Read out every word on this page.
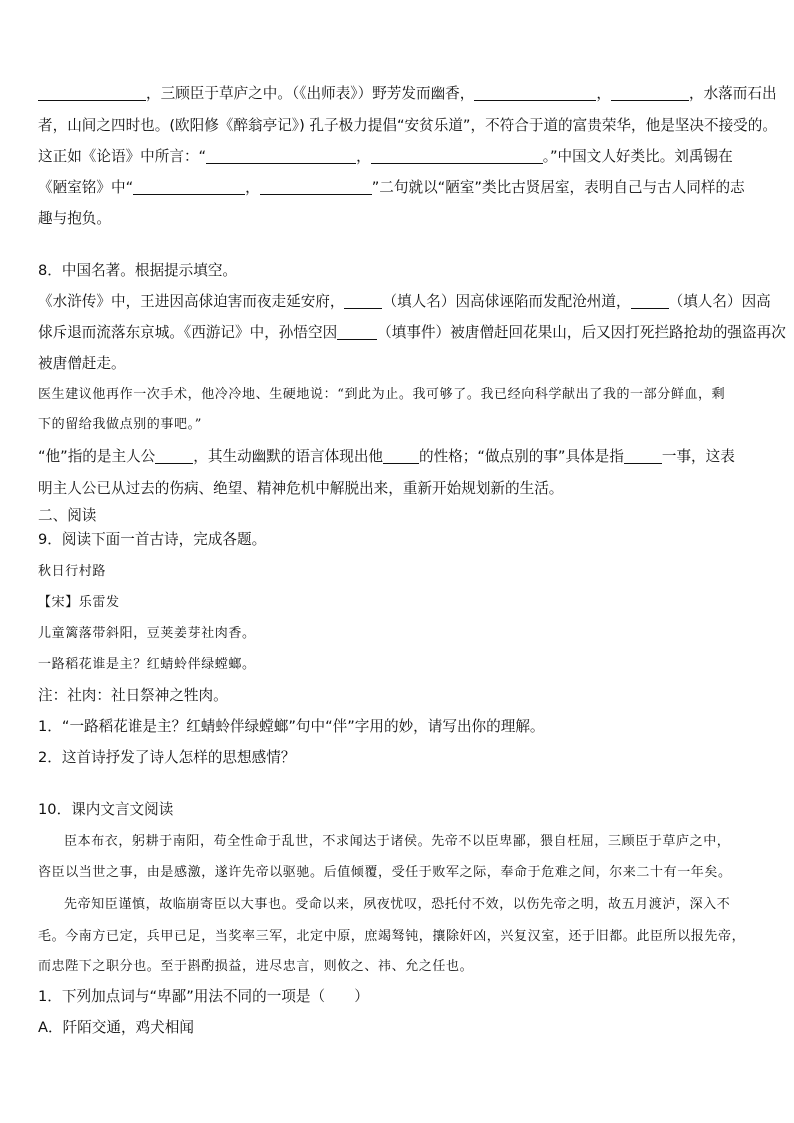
，三顾臣于草庐之中。（《出师表》）野芳发而幽香，	，	，水落而石出
者，山间之四时也。(欧阳修《醉翁亭记》) 孔子极力提倡“安贫乐道”，不符合于道的富贵荣华，他是坚决不接受的。
这正如《论语》中所言：“	，	。”中国文人好类比。刘禹锡在
《陋室铭》中“	，	”二句就以“陋室”类比古贤居室，表明自己与古人同样的志
趣与抱负。
8．中国名著。根据提示填空。
《水浒传》中，王进因高俅迫害而夜走延安府，	（填人名）因高俅诬陷而发配沧州道，	（填人名）因高
俅斥退而流落东京城。《西游记》中，孙悟空因	（填事件）被唐僧赶回花果山，后又因打死拦路抢劫的强盗再次
被唐僧赶走。
医生建议他再作一次手术，他冷冷地、生硬地说：“到此为止。我可够了。我已经向科学献出了我的一部分鲜血，剩
下的留给我做点别的事吧。”
“他”指的是主人公	，其生动幽默的语言体现出他 的性格；“做点别的事”具体是指	一事，这表
明主人公已从过去的伤病、绝望、精神危机中解脱出来，重新开始规划新的生活。
二、阅读
9．阅读下面一首古诗，完成各题。
秋日行村路
【宋】乐雷发
儿童篱落带斜阳，豆荚姜芽社肉香。
一路稻花谁是主？红蜻蛉伴绿螳螂。
注：社肉：社日祭神之牲肉。
1．“一路稻花谁是主？红蜻蛉伴绿螳螂”句中“伴”字用的妙，请写出你的理解。
2．这首诗抒发了诗人怎样的思想感情？
10．课内文言文阅读
臣本布衣，躬耕于南阳，苟全性命于乱世，不求闻达于诸侯。先帝不以臣卑鄙，猥自枉屈，三顾臣于草庐之中，
咨臣以当世之事，由是感激，遂许先帝以驱驰。后值倾覆，受任于败军之际，奉命于危难之间，尔来二十有一年矣。
先帝知臣谨慎，故临崩寄臣以大事也。受命以来，夙夜忧叹，恐托付不效，以伤先帝之明，故五月渡泸，深入不
毛。今南方已定，兵甲已足，当奖率三军，北定中原，庶竭驽钝，攘除奸凶，兴复汉室，还于旧都。此臣所以报先帝，
而忠陛下之职分也。至于斟酌损益，进尽忠言，则攸之、祎、允之任也。
1．下列加点词与“卑鄙”用法不同的一项是（　　）
A．阡陌交通，鸡犬相闻
